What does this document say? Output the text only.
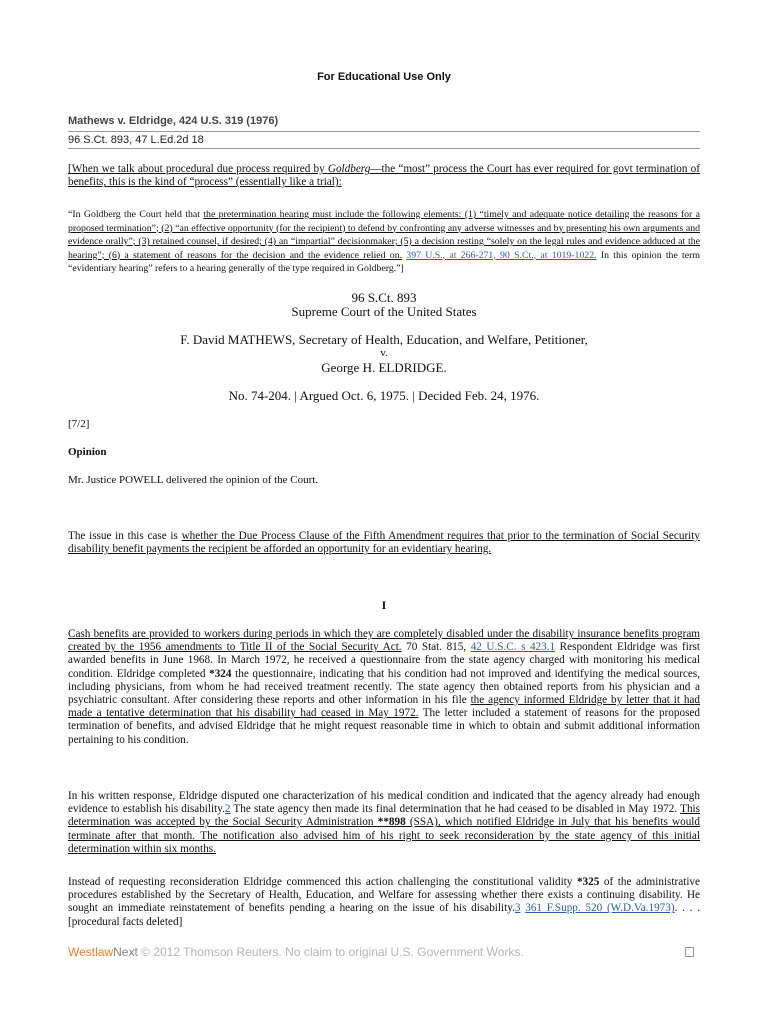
For Educational Use Only
Mathews v. Eldridge, 424 U.S. 319 (1976)
96 S.Ct. 893, 47 L.Ed.2d 18
[When we talk about procedural due process required by Goldberg—the “most” process the Court has ever required for govt termination of benefits, this is the kind of “process” (essentially like a trial):
“In Goldberg the Court held that the pretermination hearing must include the following elements: (1) “timely and adequate notice detailing the reasons for a proposed termination”; (2) “an effective opportunity (for the recipient) to defend by confronting any adverse witnesses and by presenting his own arguments and evidence orally”; (3) retained counsel, if desired; (4) an “impartial” decisionmaker; (5) a decision resting “solely on the legal rules and evidence adduced at the hearing”; (6) a statement of reasons for the decision and the evidence relied on. 397 U.S., at 266-271, 90 S.Ct., at 1019-1022. In this opinion the term “evidentiary hearing” refers to a hearing generally of the type required in Goldberg.”]
96 S.Ct. 893
Supreme Court of the United States
F. David MATHEWS, Secretary of Health, Education, and Welfare, Petitioner,
v.
George H. ELDRIDGE.
No. 74-204. | Argued Oct. 6, 1975. | Decided Feb. 24, 1976.
[7/2]
Opinion
Mr. Justice POWELL delivered the opinion of the Court.
The issue in this case is whether the Due Process Clause of the Fifth Amendment requires that prior to the termination of Social Security disability benefit payments the recipient be afforded an opportunity for an evidentiary hearing.
I
Cash benefits are provided to workers during periods in which they are completely disabled under the disability insurance benefits program created by the 1956 amendments to Title II of the Social Security Act. 70 Stat. 815, 42 U.S.C. s 423.1 Respondent Eldridge was first awarded benefits in June 1968. In March 1972, he received a questionnaire from the state agency charged with monitoring his medical condition. Eldridge completed *324 the questionnaire, indicating that his condition had not improved and identifying the medical sources, including physicians, from whom he had received treatment recently. The state agency then obtained reports from his physician and a psychiatric consultant. After considering these reports and other information in his file the agency informed Eldridge by letter that it had made a tentative determination that his disability had ceased in May 1972. The letter included a statement of reasons for the proposed termination of benefits, and advised Eldridge that he might request reasonable time in which to obtain and submit additional information pertaining to his condition.
In his written response, Eldridge disputed one characterization of his medical condition and indicated that the agency already had enough evidence to establish his disability.2 The state agency then made its final determination that he had ceased to be disabled in May 1972. This determination was accepted by the Social Security Administration **898 (SSA), which notified Eldridge in July that his benefits would terminate after that month. The notification also advised him of his right to seek reconsideration by the state agency of this initial determination within six months.
Instead of requesting reconsideration Eldridge commenced this action challenging the constitutional validity *325 of the administrative procedures established by the Secretary of Health, Education, and Welfare for assessing whether there exists a continuing disability. He sought an immediate reinstatement of benefits pending a hearing on the issue of his disability.3 361 F.Supp. 520 (W.D.Va.1973). . . . [procedural facts deleted]
WestlawNext © 2012 Thomson Reuters. No claim to original U.S. Government Works.
